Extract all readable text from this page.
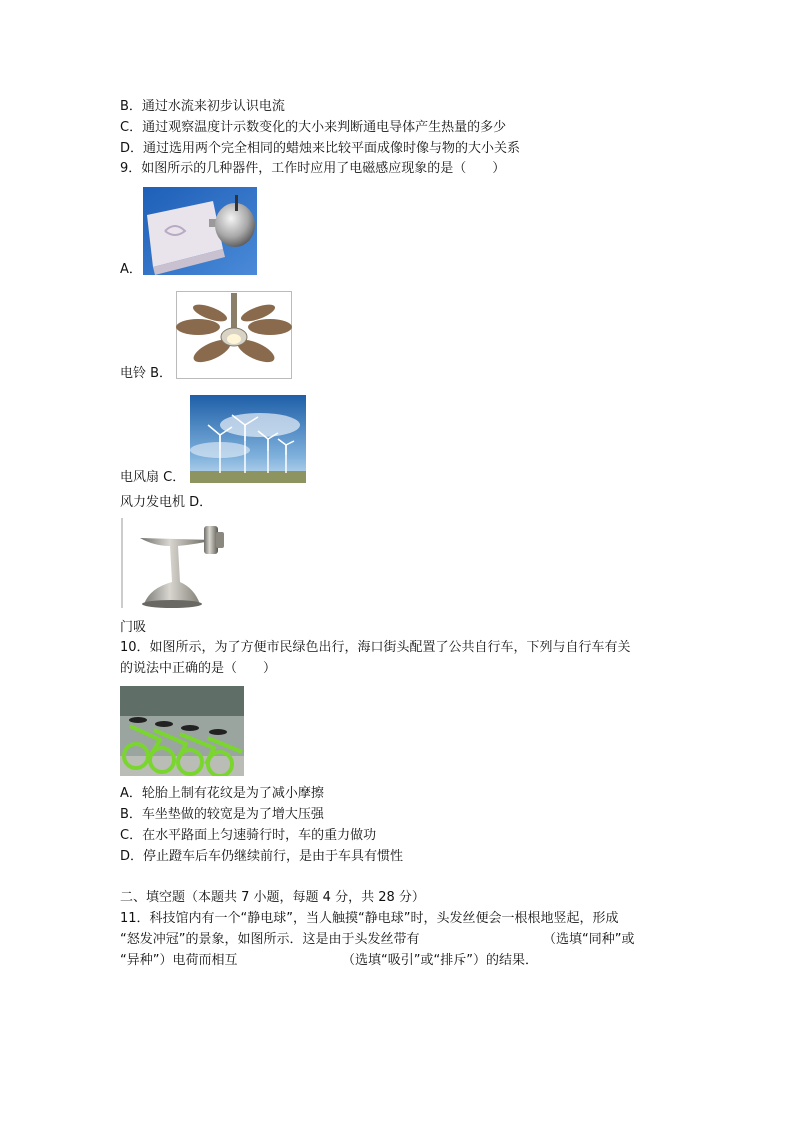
B．通过水流来初步认识电流
C．通过观察温度计示数变化的大小来判断通电导体产生热量的多少
D．通过选用两个完全相同的蜡烛来比较平面成像时像与物的大小关系
9．如图所示的几种器件，工作时应用了电磁感应现象的是（　　）
A．
电铃 B．
电风扇 C．
风力发电机 D．
门吸
10．如图所示，为了方便市民绿色出行，海口街头配置了公共自行车，下列与自行车有关
的说法中正确的是（　　）
A．轮胎上制有花纹是为了减小摩擦
B．车坐垫做的较宽是为了增大压强
C．在水平路面上匀速骑行时，车的重力做功
D．停止蹬车后车仍继续前行，是由于车具有惯性
二、填空题（本题共 7 小题，每题 4 分，共 28 分）
11．科技馆内有一个“静电球”，当人触摸“静电球”时，头发丝便会一根根地竖起，形成
“怒发冲冠”的景象，如图所示．这是由于头发丝带有	（选填“同种”或
“异种”）电荷而相互	（选填“吸引”或“排斥”）的结果．
